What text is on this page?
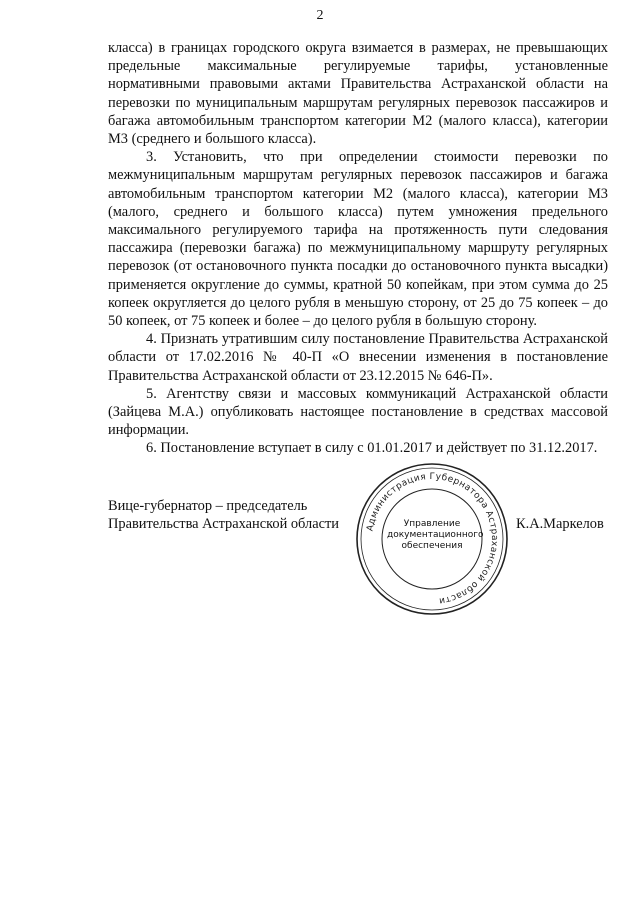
2

класса) в границах городского округа взимается в размерах, не превышающих предельные максимальные регулируемые тарифы, установленные нормативными правовыми актами Правительства Астраханской области на перевозки по муниципальным маршрутам регулярных перевозок пассажиров и багажа автомобильным транспортом категории М2 (малого класса), категории М3 (среднего и большого класса).

3. Установить, что при определении стоимости перевозки по межмуниципальным маршрутам регулярных перевозок пассажиров и багажа автомобильным транспортом категории М2 (малого класса), категории М3 (малого, среднего и большого класса) путем умножения предельного максимального регулируемого тарифа на протяженность пути следования пассажира (перевозки багажа) по межмуниципальному маршруту регулярных перевозок (от остановочного пункта посадки до остановочного пункта высадки) применяется округление до суммы, кратной 50 копейкам, при этом сумма до 25 копеек округляется до целого рубля в меньшую сторону, от 25 до 75 копеек – до 50 копеек, от 75 копеек и более – до целого рубля в большую сторону.

4. Признать утратившим силу постановление Правительства Астраханской области от 17.02.2016 № 40-П «О внесении изменения в постановление Правительства Астраханской области от 23.12.2015 № 646-П».

5. Агентству связи и массовых коммуникаций Астраханской области (Зайцева М.А.) опубликовать настоящее постановление в средствах массовой информации.

6. Постановление вступает в силу с 01.01.2017 и действует по 31.12.2017.

Вице-губернатор – председатель
Правительства Астраханской области	Администрация Губернатора Астраханской области
Управление
документационного
обеспечения
К.А.Маркелов
